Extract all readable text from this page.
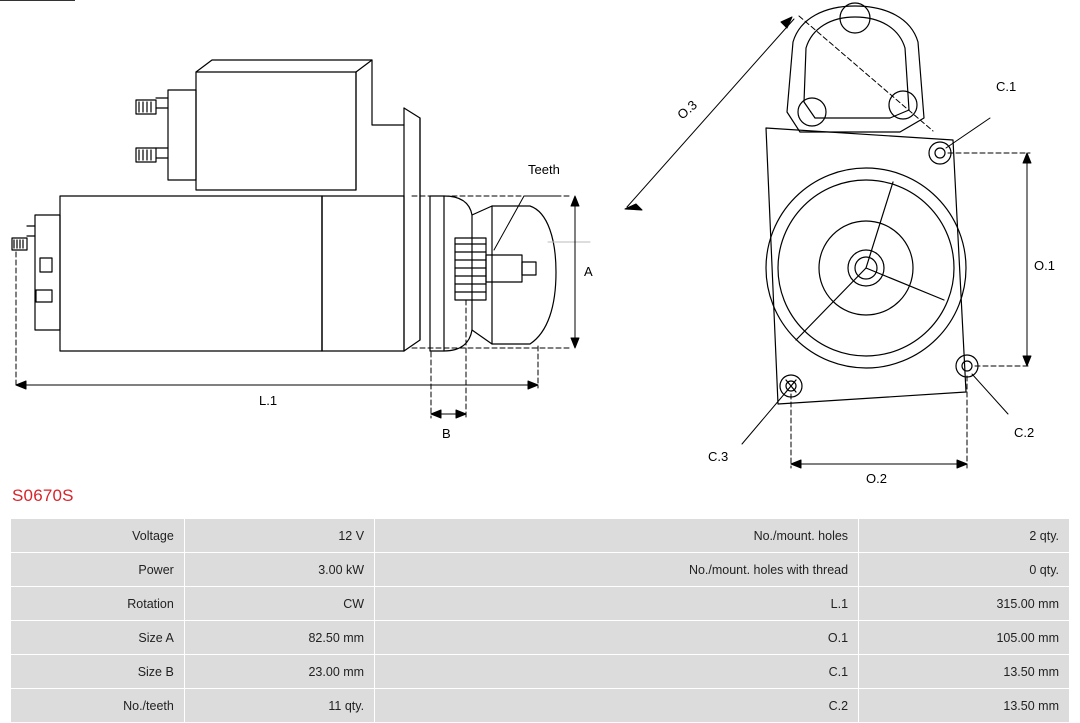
Teeth
A
L.1
B
O.1
O.2
O.3
C.1
C.2
C.3
S0670S
Voltage	12 V	No./mount. holes	2 qty.
Power	3.00 kW	No./mount. holes with thread	0 qty.
Rotation	CW	L.1	315.00 mm
Size A	82.50 mm	O.1	105.00 mm
Size B	23.00 mm	C.1	13.50 mm
No./teeth	11 qty.	C.2	13.50 mm
